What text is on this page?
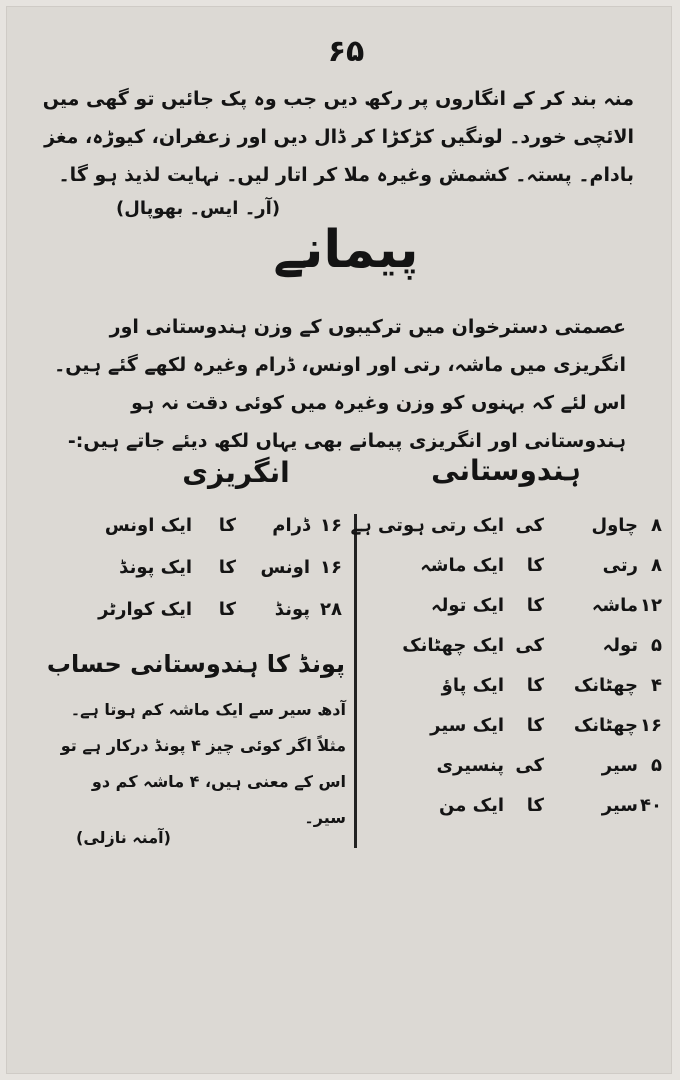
۶۵
منہ بند کر کے انگاروں پر رکھ دیں جب وہ پک جائیں تو گھی میں الائچی خورد۔ لونگیں کڑکڑا کر ڈال دیں اور زعفران، کیوڑہ، مغز بادام۔ پستہ۔ کشمش وغیرہ ملا کر اتار لیں۔ نہایت لذیذ ہو گا۔
(آر۔ ایس۔ بھوپال)
پیمانے
عصمتی دسترخوان میں ترکیبوں کے وزن ہندوستانی اور انگریزی میں ماشہ، رتی اور اونس، ڈرام وغیرہ لکھے گئے ہیں۔ اس لئے کہ بہنوں کو وزن وغیرہ میں کوئی دقت نہ ہو ہندوستانی اور انگریزی پیمانے بھی یہاں لکھ دیئے جاتے ہیں:-
ہندوستانی
انگریزی
۸
چاول
کی
ایک رتی ہوتی ہے
۸
رتی
کا
ایک ماشہ
۱۲
ماشہ
کا
ایک تولہ
۵
تولہ
کی
ایک چھٹانک
۴
چھٹانک
کا
ایک پاؤ
۱۶
چھٹانک
کا
ایک سیر
۵
سیر
کی
پنسیری
۴۰
سیر
کا
ایک من
۱۶
ڈرام
کا
ایک اونس
۱۶
اونس
کا
ایک پونڈ
۲۸
پونڈ
کا
ایک کوارٹر
پونڈ کا ہندوستانی حساب
آدھ سیر سے ایک ماشہ کم ہوتا ہے۔ مثلاً اگر کوئی چیز ۴ پونڈ درکار ہے تو اس کے معنی ہیں، ۴ ماشہ کم دو سیر۔
(آمنہ نازلی)
